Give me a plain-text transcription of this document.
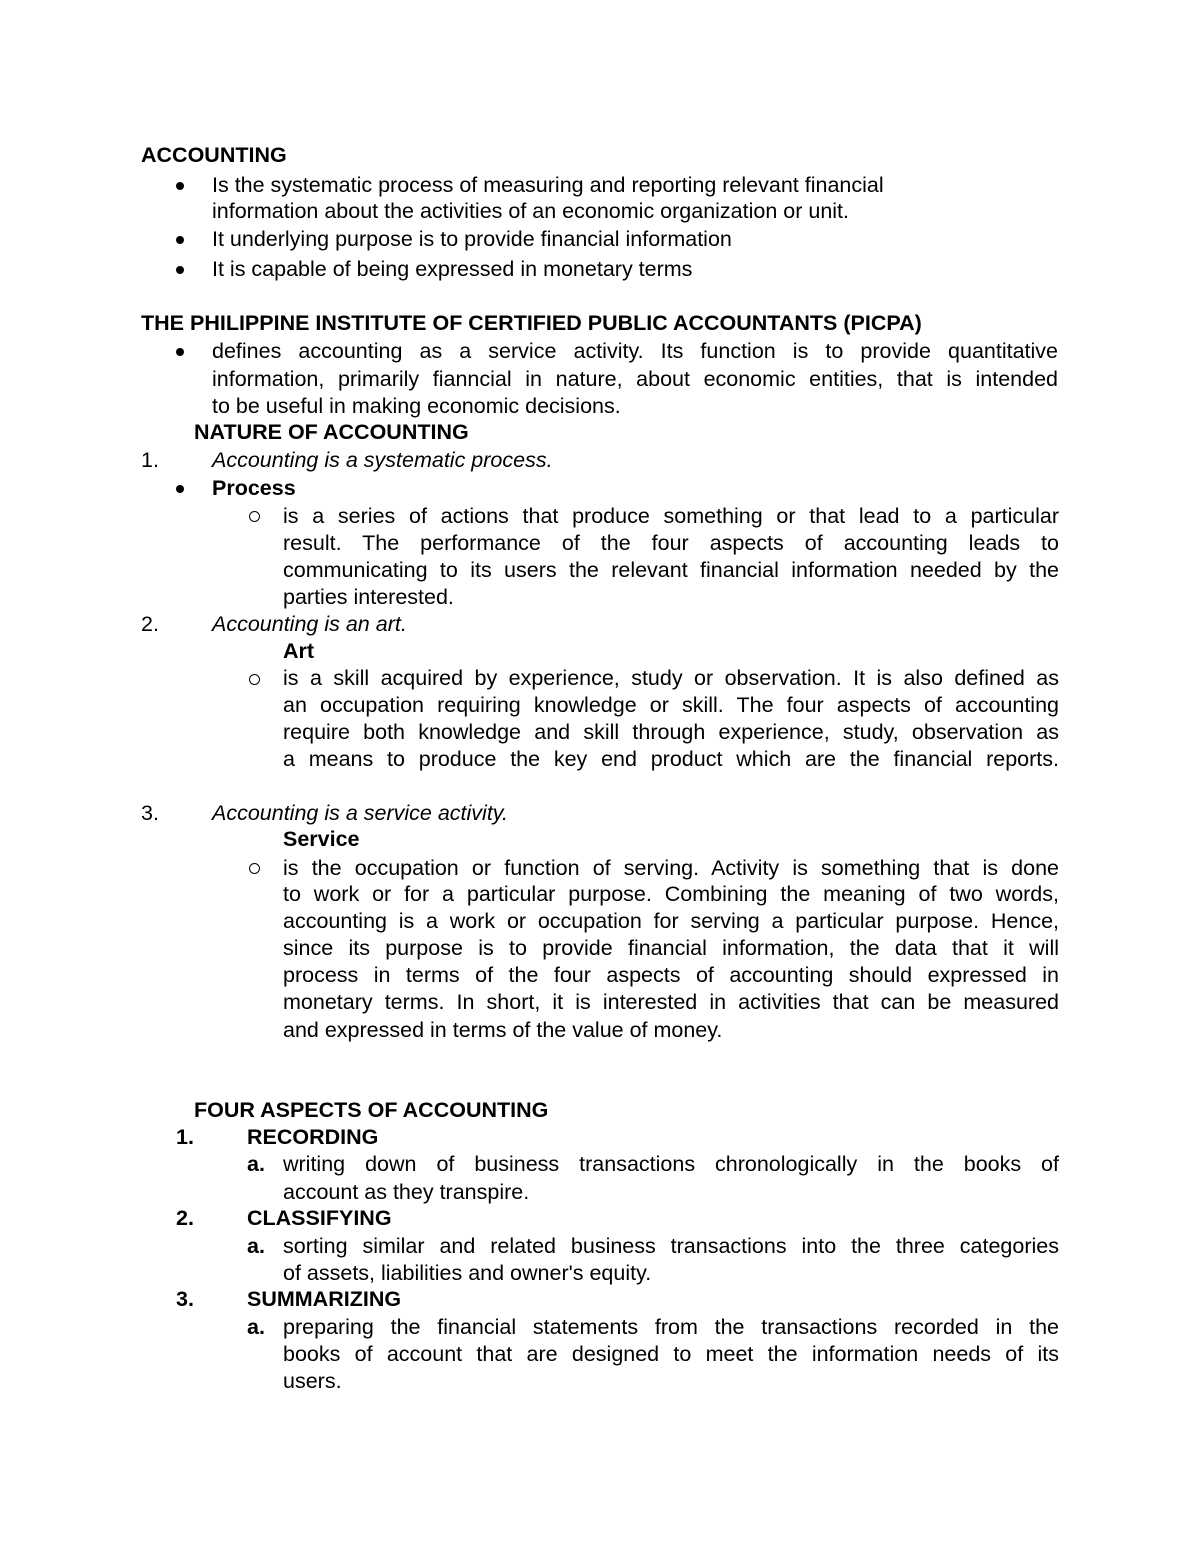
ACCOUNTING
Is the systematic process of measuring and reporting relevant financial
information about the activities of an economic organization or unit.
It underlying purpose is to provide financial information
It is capable of being expressed in monetary terms
THE PHILIPPINE INSTITUTE OF CERTIFIED PUBLIC ACCOUNTANTS (PICPA)
defines accounting as a service activity. Its function is to provide quantitative
information, primarily fianncial in nature, about economic entities, that is intended
to be useful in making economic decisions.
NATURE OF ACCOUNTING
1. Accounting is a systematic process.
Process
is a series of actions that produce something or that lead to a particular
result. The performance of the four aspects of accounting leads to
communicating to its users the relevant financial information needed by the
parties interested.
2. Accounting is an art.
Art
is a skill acquired by experience, study or observation. It is also defined as
an occupation requiring knowledge or skill. The four aspects of accounting
require both knowledge and skill through experience, study, observation as
a means to produce the key end product which are the financial reports.
3. Accounting is a service activity.
Service
is the occupation or function of serving. Activity is something that is done
to work or for a particular purpose. Combining the meaning of two words,
accounting is a work or occupation for serving a particular purpose. Hence,
since its purpose is to provide financial information, the data that it will
process in terms of the four aspects of accounting should expressed in
monetary terms. In short, it is interested in activities that can be measured
and expressed in terms of the value of money.
FOUR ASPECTS OF ACCOUNTING
1. RECORDING
a. writing down of business transactions chronologically in the books of
account as they transpire.
2. CLASSIFYING
a. sorting similar and related business transactions into the three categories
of assets, liabilities and owner's equity.
3. SUMMARIZING
a. preparing the financial statements from the transactions recorded in the
books of account that are designed to meet the information needs of its
users.
